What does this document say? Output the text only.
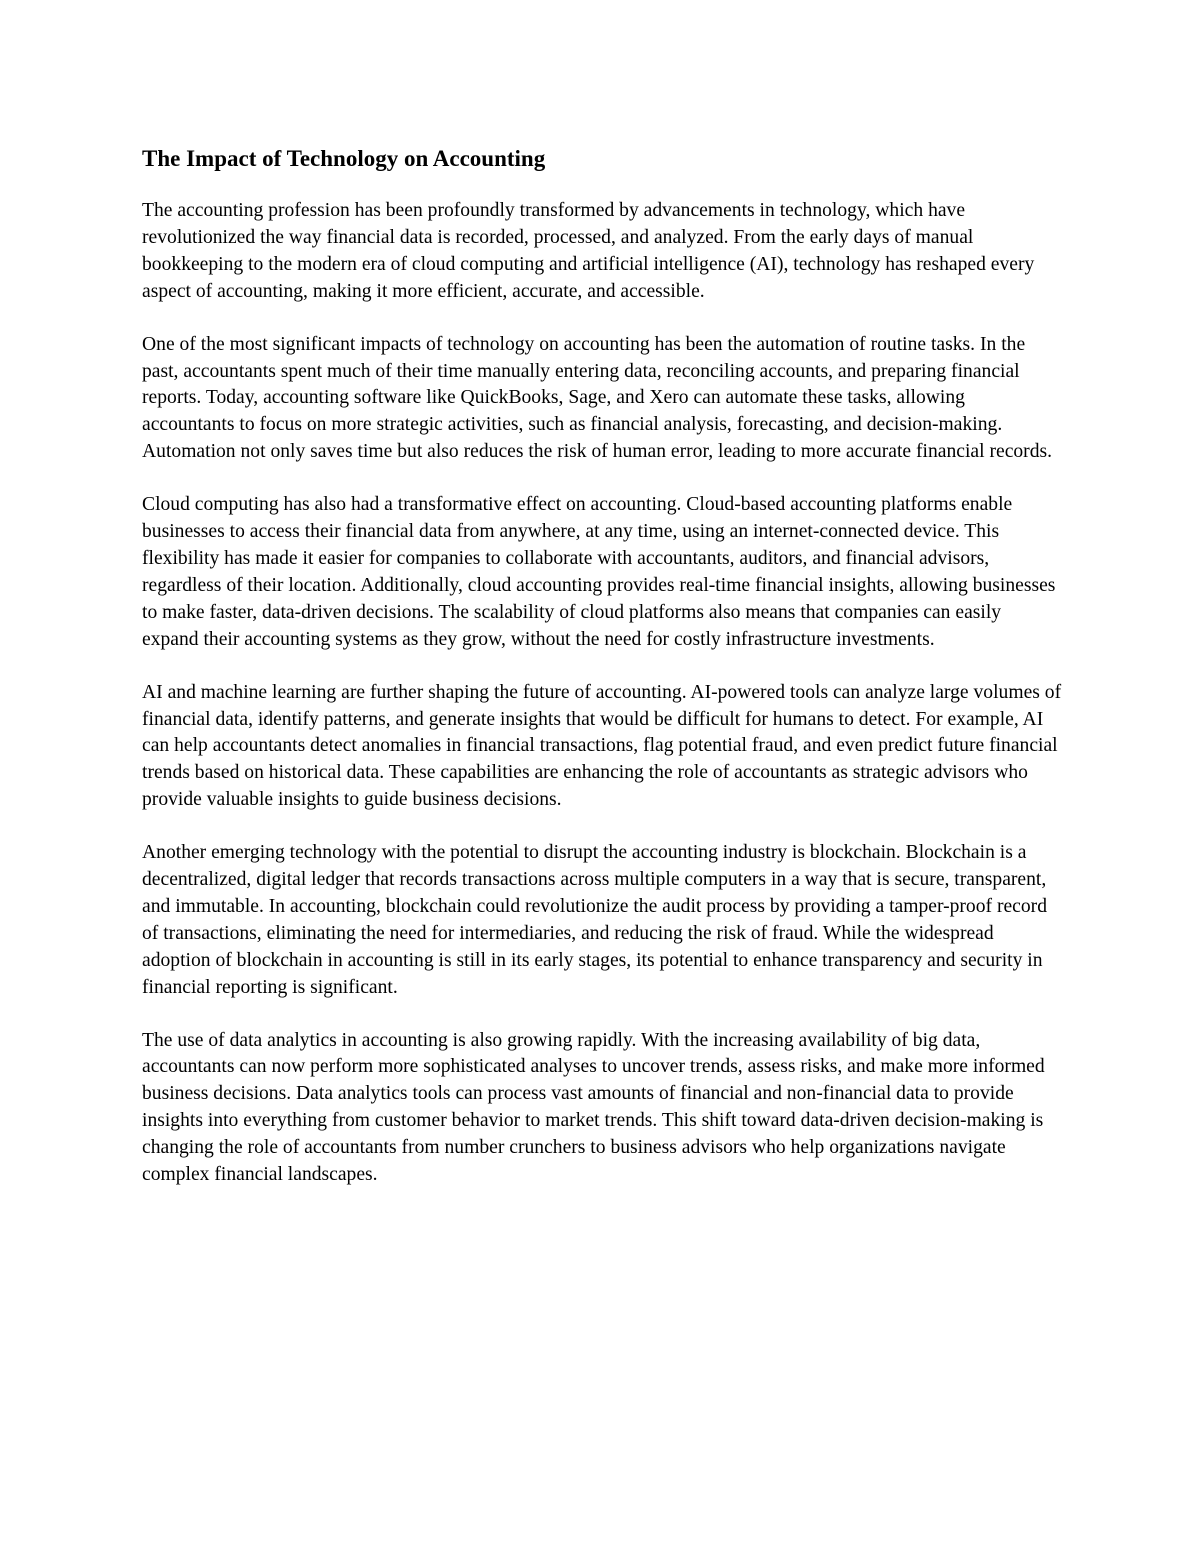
The Impact of Technology on Accounting

The accounting profession has been profoundly transformed by advancements in technology, which have revolutionized the way financial data is recorded, processed, and analyzed. From the early days of manual bookkeeping to the modern era of cloud computing and artificial intelligence (AI), technology has reshaped every aspect of accounting, making it more efficient, accurate, and accessible.

One of the most significant impacts of technology on accounting has been the automation of routine tasks. In the past, accountants spent much of their time manually entering data, reconciling accounts, and preparing financial reports. Today, accounting software like QuickBooks, Sage, and Xero can automate these tasks, allowing accountants to focus on more strategic activities, such as financial analysis, forecasting, and decision-making. Automation not only saves time but also reduces the risk of human error, leading to more accurate financial records.

Cloud computing has also had a transformative effect on accounting. Cloud-based accounting platforms enable businesses to access their financial data from anywhere, at any time, using an internet-connected device. This flexibility has made it easier for companies to collaborate with accountants, auditors, and financial advisors, regardless of their location. Additionally, cloud accounting provides real-time financial insights, allowing businesses to make faster, data-driven decisions. The scalability of cloud platforms also means that companies can easily expand their accounting systems as they grow, without the need for costly infrastructure investments.

AI and machine learning are further shaping the future of accounting. AI-powered tools can analyze large volumes of financial data, identify patterns, and generate insights that would be difficult for humans to detect. For example, AI can help accountants detect anomalies in financial transactions, flag potential fraud, and even predict future financial trends based on historical data. These capabilities are enhancing the role of accountants as strategic advisors who provide valuable insights to guide business decisions.

Another emerging technology with the potential to disrupt the accounting industry is blockchain. Blockchain is a decentralized, digital ledger that records transactions across multiple computers in a way that is secure, transparent, and immutable. In accounting, blockchain could revolutionize the audit process by providing a tamper-proof record of transactions, eliminating the need for intermediaries, and reducing the risk of fraud. While the widespread adoption of blockchain in accounting is still in its early stages, its potential to enhance transparency and security in financial reporting is significant.

The use of data analytics in accounting is also growing rapidly. With the increasing availability of big data, accountants can now perform more sophisticated analyses to uncover trends, assess risks, and make more informed business decisions. Data analytics tools can process vast amounts of financial and non-financial data to provide insights into everything from customer behavior to market trends. This shift toward data-driven decision-making is changing the role of accountants from number crunchers to business advisors who help organizations navigate complex financial landscapes.
